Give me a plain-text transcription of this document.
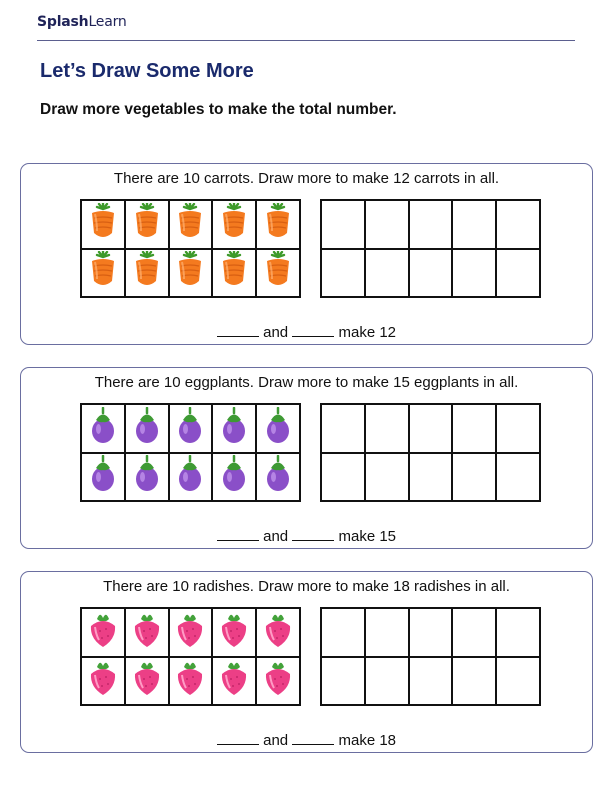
SplashLearn
Let’s Draw Some More
Draw more vegetables to make the total number.
There are 10 carrots. Draw more to make 12 carrots in all.
and	make 12
There are 10 eggplants. Draw more to make 15 eggplants in all.
and	make 15
There are 10 radishes. Draw more to make 18 radishes in all.
and	make 18
